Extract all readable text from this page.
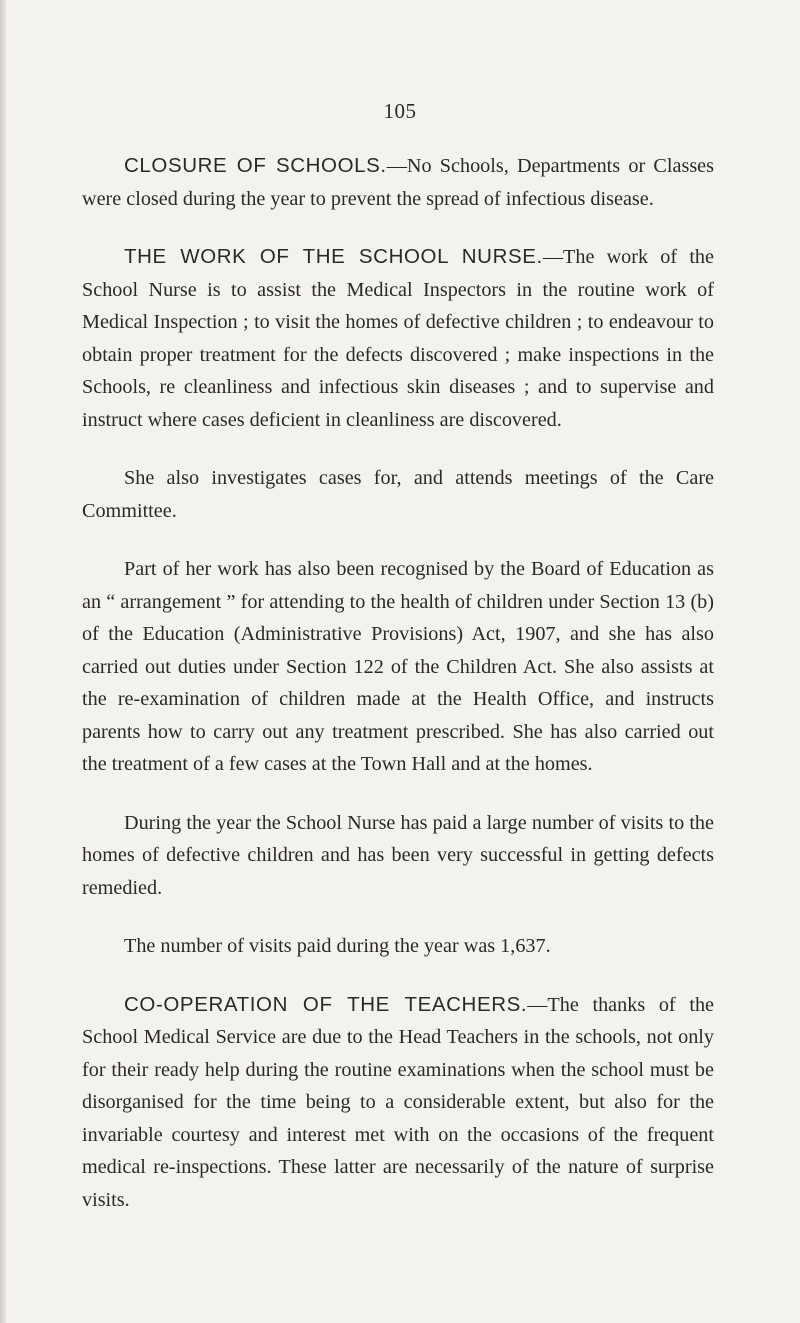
105

CLOSURE OF SCHOOLS.—No Schools, Departments or Classes were closed during the year to prevent the spread of infectious disease.

THE WORK OF THE SCHOOL NURSE.—The work of the School Nurse is to assist the Medical Inspectors in the routine work of Medical Inspection ; to visit the homes of defective children ; to endeavour to obtain proper treatment for the defects discovered ; make inspections in the Schools, re cleanliness and infectious skin diseases ; and to supervise and instruct where cases deficient in cleanliness are discovered.

She also investigates cases for, and attends meetings of the Care Committee.

Part of her work has also been recognised by the Board of Education as an “ arrangement ” for attending to the health of children under Section 13 (b) of the Education (Administrative Provisions) Act, 1907, and she has also carried out duties under Section 122 of the Children Act. She also assists at the re-examination of children made at the Health Office, and instructs parents how to carry out any treatment prescribed. She has also carried out the treatment of a few cases at the Town Hall and at the homes.

During the year the School Nurse has paid a large number of visits to the homes of defective children and has been very successful in getting defects remedied.

The number of visits paid during the year was 1,637.

CO-OPERATION OF THE TEACHERS.—The thanks of the School Medical Service are due to the Head Teachers in the schools, not only for their ready help during the routine examinations when the school must be disorganised for the time being to a considerable extent, but also for the invariable courtesy and interest met with on the occasions of the frequent medical re-inspections. These latter are necessarily of the nature of surprise visits.
